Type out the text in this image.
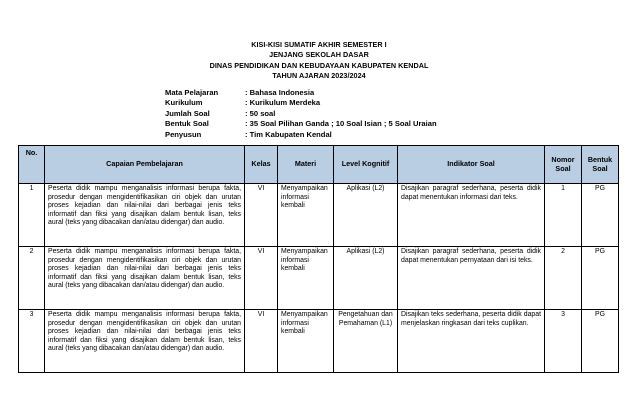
KISI-KISI SUMATIF AKHIR SEMESTER I
JENJANG SEKOLAH DASAR
DINAS PENDIDIKAN DAN KEBUDAYAAN KABUPATEN KENDAL
TAHUN AJARAN 2023/2024
Mata Pelajaran	: Bahasa Indonesia
Kurikulum	: Kurikulum Merdeka
Jumlah Soal	: 50 soal
Bentuk Soal	: 35 Soal Pilihan Ganda ; 10 Soal Isian ; 5 Soal Uraian
Penyusun	: Tim Kabupaten Kendal
No.	Capaian Pembelajaran	Kelas	Materi	Level Kognitif	Indikator Soal	Nomor Soal	Bentuk Soal
1	Peserta didik mampu menganalisis informasi berupa fakta, prosedur dengan mengidentifikasikan ciri objek dan urutan proses kejadian dan nilai-nilai dari berbagai jenis teks informatif dan fiksi yang disajikan dalam bentuk lisan, teks aural (teks yang dibacakan dan/atau didengar) dan audio.	VI	Menyampaikan informasi kembali	Aplikasi (L2)	Disajikan paragraf sederhana, peserta didik dapat menentukan informasi dari teks.	1	PG
2	Peserta didik mampu menganalisis informasi berupa fakta, prosedur dengan mengidentifikasikan ciri objek dan urutan proses kejadian dan nilai-nilai dari berbagai jenis teks informatif dan fiksi yang disajikan dalam bentuk lisan, teks aural (teks yang dibacakan dan/atau didengar) dan audio.	VI	Menyampaikan informasi kembali	Aplikasi (L2)	Disajikan paragraf sederhana, peserta didik dapat menentukan pernyataan dari isi teks.	2	PG
3	Peserta didik mampu menganalisis informasi berupa fakta, prosedur dengan mengidentifikasikan ciri objek dan urutan proses kejadian dan nilai-nilai dari berbagai jenis teks informatif dan fiksi yang disajikan dalam bentuk lisan, teks aural (teks yang dibacakan dan/atau didengar) dan audio.	VI	Menyampaikan informasi kembali	Pengetahuan dan Pemahaman (L1)	Disajikan teks sederhana, peserta didik dapat menjelaskan ringkasan dari teks cuplikan.	3	PG
